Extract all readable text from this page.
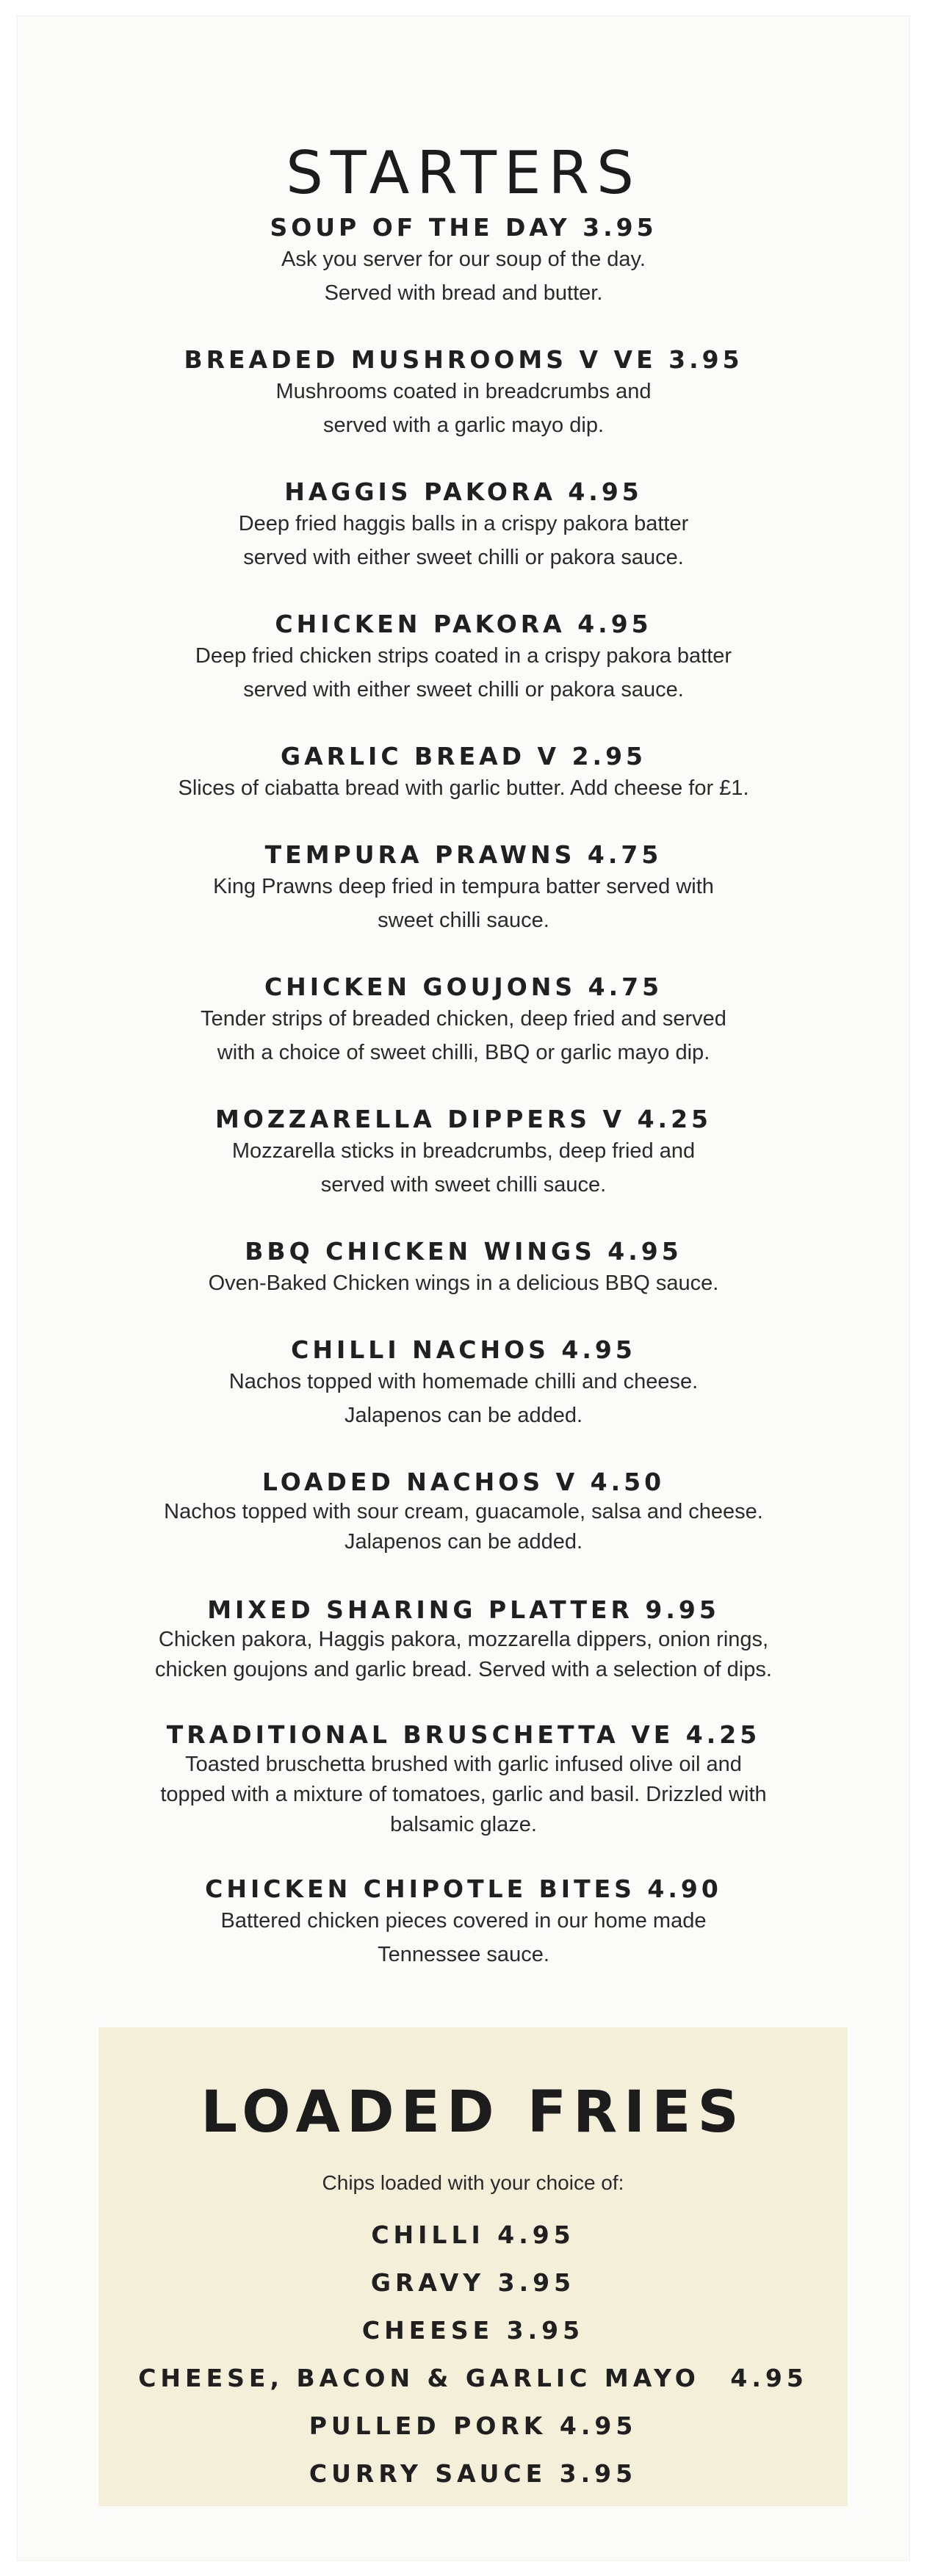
STARTERS
SOUP OF THE DAY 3.95
Ask you server for our soup of the day.
Served with bread and butter.
BREADED MUSHROOMS V VE 3.95
Mushrooms coated in breadcrumbs and
served with a garlic mayo dip.
HAGGIS PAKORA 4.95
Deep fried haggis balls in a crispy pakora batter
served with either sweet chilli or pakora sauce.
CHICKEN PAKORA 4.95
Deep fried chicken strips coated in a crispy pakora batter
served with either sweet chilli or pakora sauce.
GARLIC BREAD V 2.95
Slices of ciabatta bread with garlic butter. Add cheese for £1.
TEMPURA PRAWNS 4.75
King Prawns deep fried in tempura batter served with
sweet chilli sauce.
CHICKEN GOUJONS 4.75
Tender strips of breaded chicken, deep fried and served
with a choice of sweet chilli, BBQ or garlic mayo dip.
MOZZARELLA DIPPERS V 4.25
Mozzarella sticks in breadcrumbs, deep fried and
served with sweet chilli sauce.
BBQ CHICKEN WINGS 4.95
Oven-Baked Chicken wings in a delicious BBQ sauce.
CHILLI NACHOS 4.95
Nachos topped with homemade chilli and cheese.
Jalapenos can be added.
LOADED NACHOS V 4.50
Nachos topped with sour cream, guacamole, salsa and cheese.
Jalapenos can be added.
MIXED SHARING PLATTER 9.95
Chicken pakora, Haggis pakora, mozzarella dippers, onion rings,
chicken goujons and garlic bread. Served with a selection of dips.
TRADITIONAL BRUSCHETTA VE 4.25
Toasted bruschetta brushed with garlic infused olive oil and
topped with a mixture of tomatoes, garlic and basil. Drizzled with
balsamic glaze.
CHICKEN CHIPOTLE BITES 4.90
Battered chicken pieces covered in our home made
Tennessee sauce.
LOADED FRIES
Chips loaded with your choice of:
CHILLI 4.95
GRAVY 3.95
CHEESE 3.95
CHEESE, BACON & GARLIC MAYO 4.95
PULLED PORK 4.95
CURRY SAUCE 3.95
